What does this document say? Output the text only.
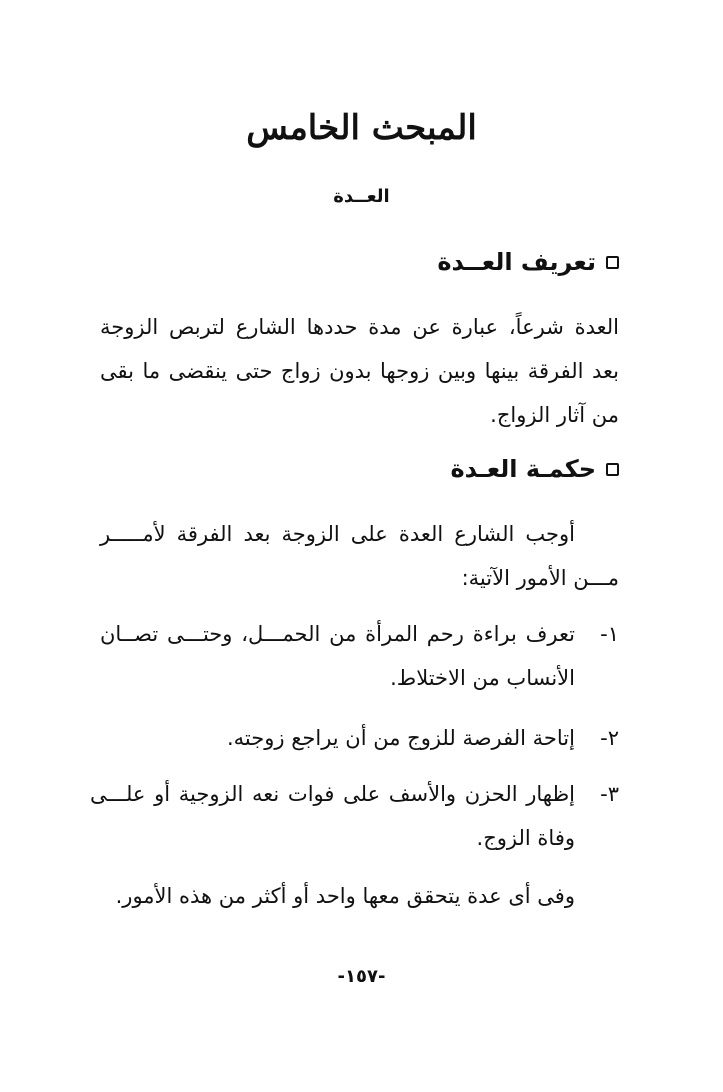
المبحث الخامس
العــدة
تعريف العــدة
العدة شرعاً، عبارة عن مدة حددها الشارع لتربص الزوجة بعد الفرقة بينها وبين زوجها بدون زواج حتى ينقضى ما بقى من آثار الزواج.
حكمـة العـدة
أوجب الشارع العدة على الزوجة بعد الفرقة لأمـــــر مـــن الأمور الآتية:
١-
تعرف براءة رحم المرأة من الحمـــل، وحتـــى تصــان الأنساب من الاختلاط.
٢-
إتاحة الفرصة للزوج من أن يراجع زوجته.
٣-
إظهار الحزن والأسف على فوات نعه الزوجية أو علـــى وفاة الزوج.
وفى أى عدة يتحقق معها واحد أو أكثر من هذه الأمور.
-١٥٧-
